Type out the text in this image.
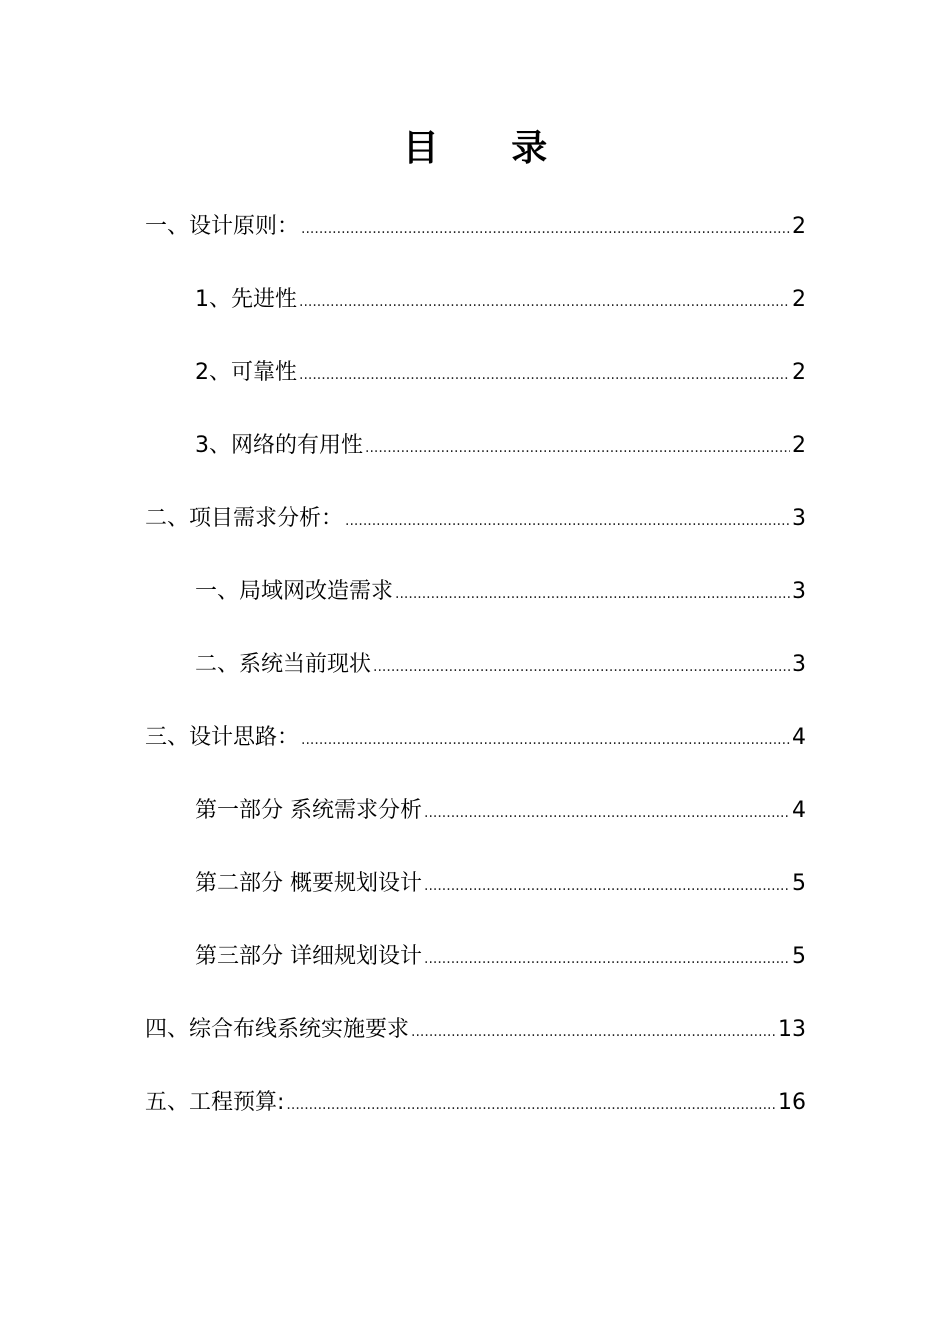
目 录
一、设计原则： .....	2
1、先进性 .....	2
2、可靠性 .....	2
3、网络的有用性 .....	2
二、项目需求分析： .....	3
一、局域网改造需求 .....	3
二、系统当前现状 .....	3
三、设计思路： .....	4
第一部分 系统需求分析 .....	4
第二部分 概要规划设计 .....	5
第三部分 详细规划设计 .....	5
四、综合布线系统实施要求 .....	13
五、工程预算: .....	16
